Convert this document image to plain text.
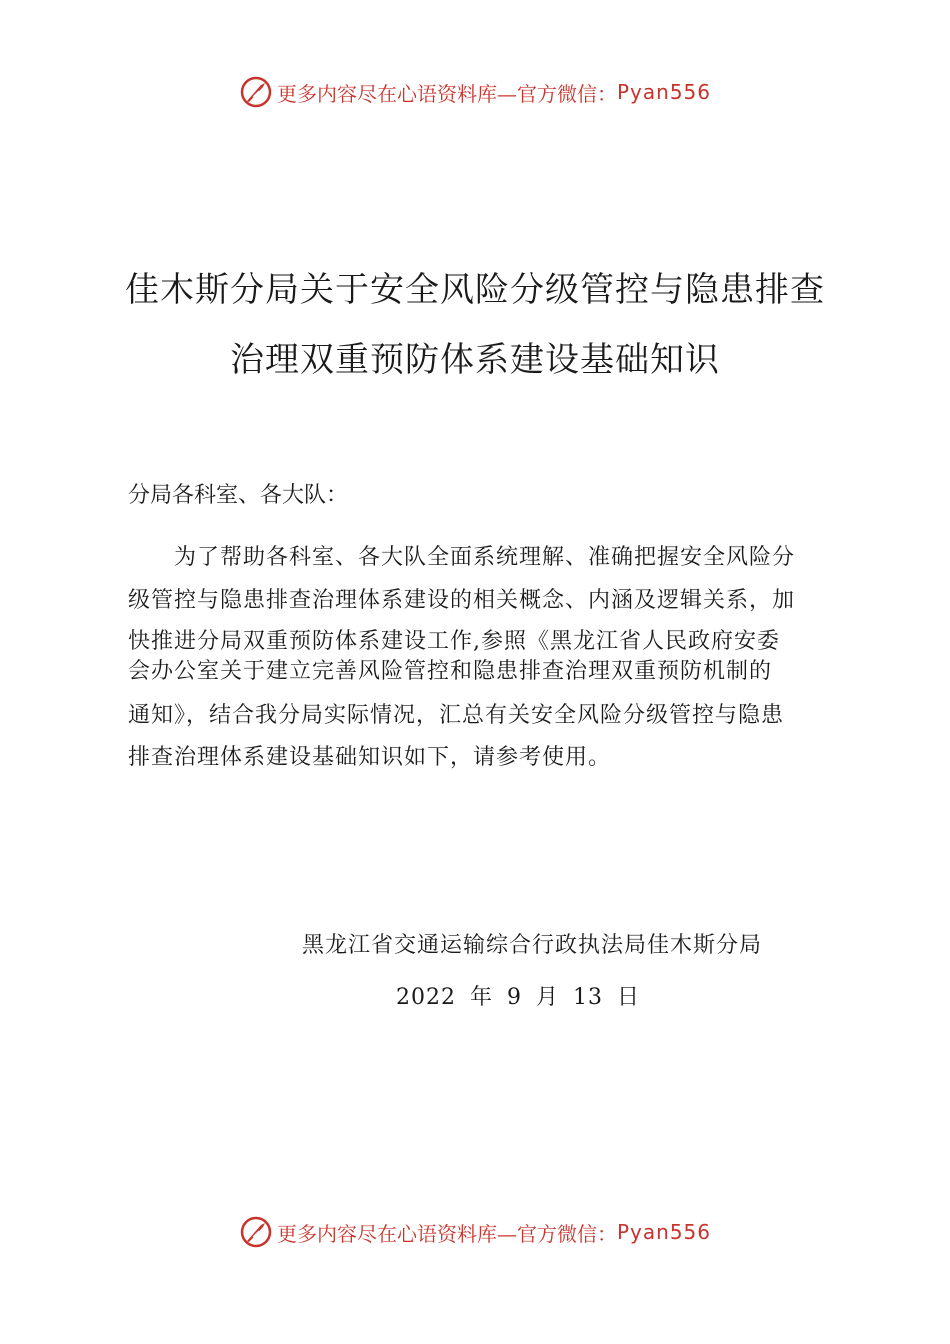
更多内容尽在心语资料库—官方微信： Pyan556
佳木斯分局关于安全风险分级管控与隐患排查
治理双重预防体系建设基础知识
分局各科室、各大队：
为了帮助各科室、各大队全面系统理解、准确把握安全风险分
级管控与隐患排查治理体系建设的相关概念、内涵及逻辑关系，加
快推进分局双重预防体系建设工作,参照《黑龙江省人民政府安委
会办公室关于建立完善风险管控和隐患排查治理双重预防机制的
通知》，结合我分局实际情况，汇总有关安全风险分级管控与隐患
排查治理体系建设基础知识如下，请参考使用。
黑龙江省交通运输综合行政执法局佳木斯分局
2022 年 9 月 13 日
更多内容尽在心语资料库—官方微信： Pyan556
